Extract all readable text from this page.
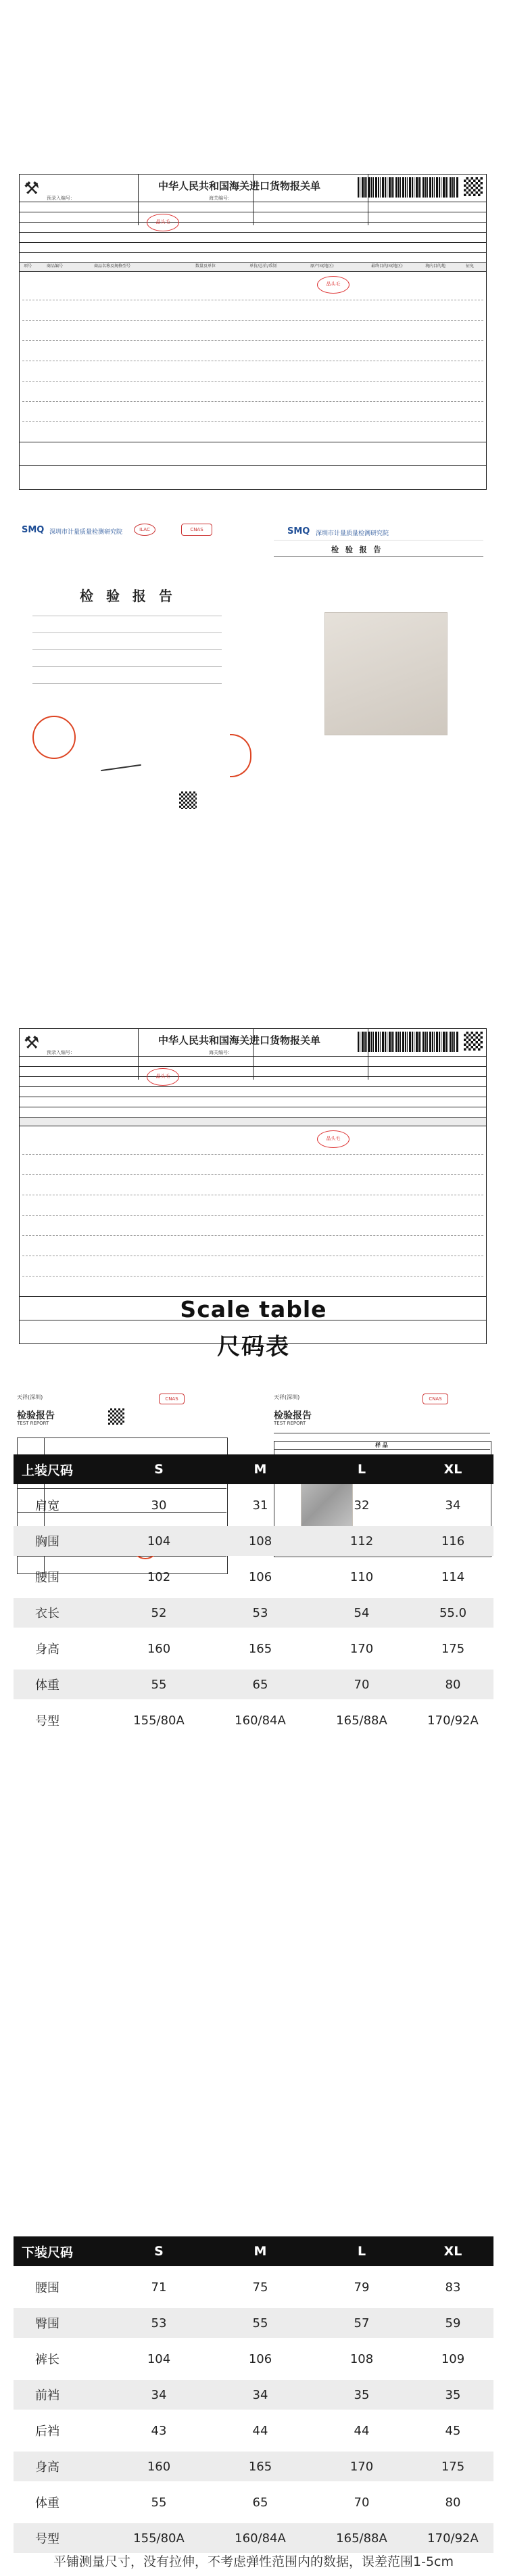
⚒	中华人民共和国海关进口货物报关单
预录入编号：	海关编号：
晶头毛
项号	商品编号	商品名称及规格型号	数量及单位	单价/总价/币制	原产国(地区)	最终目的国(地区)	境内目的地	征免
晶头毛
SMQ 深圳市计量质量检测研究院	ILAC	CNAS
检 验 报 告
SMQ 深圳市计量质量检测研究院
检 验 报 告
⚒	中华人民共和国海关进口货物报关单
预录入编号：	海关编号：
晶头毛
晶头毛
天祥(深圳)	CNAS
检验报告
TEST REPORT
天祥(深圳)	CNAS
检验报告
TEST REPORT
样 品
Scale table
尺码表
上装尺码	S	M	L	XL
肩宽	30	31	32	34
胸围	104	108	112	116
腰围	102	106	110	114
衣长	52	53	54	55.0
身高	160	165	170	175
体重	55	65	70	80
号型	155/80A	160/84A	165/88A	170/92A
下装尺码	S	M	L	XL
腰围	71	75	79	83
臀围	53	55	57	59
裤长	104	106	108	109
前裆	34	34	35	35
后裆	43	44	44	45
身高	160	165	170	175
体重	55	65	70	80
号型	155/80A	160/84A	165/88A	170/92A
平铺测量尺寸，没有拉伸，不考虑弹性范围内的数据，误差范围1-5cm
